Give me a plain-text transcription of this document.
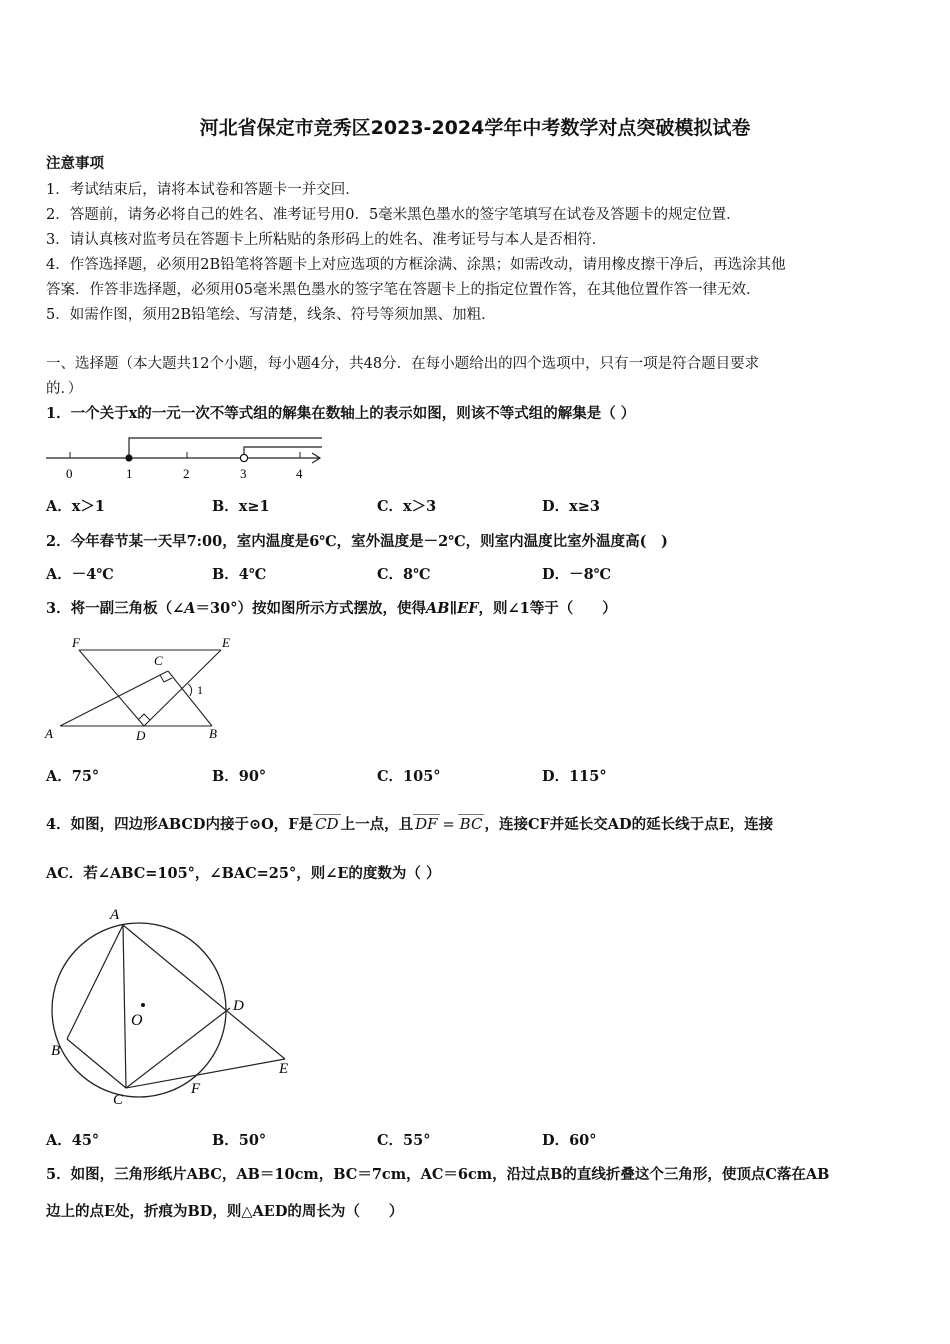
河北省保定市竞秀区2023-2024学年中考数学对点突破模拟试卷
注意事项
1．考试结束后，请将本试卷和答题卡一并交回．
2．答题前，请务必将自己的姓名、准考证号用0．5毫米黑色墨水的签字笔填写在试卷及答题卡的规定位置．
3．请认真核对监考员在答题卡上所粘贴的条形码上的姓名、准考证号与本人是否相符．
4．作答选择题，必须用2B铅笔将答题卡上对应选项的方框涂满、涂黑；如需改动，请用橡皮擦干净后，再选涂其他
答案．作答非选择题，必须用05毫米黑色墨水的签字笔在答题卡上的指定位置作答，在其他位置作答一律无效．
5．如需作图，须用2B铅笔绘、写清楚，线条、符号等须加黑、加粗．
一、选择题（本大题共12个小题，每小题4分，共48分．在每小题给出的四个选项中，只有一项是符合题目要求
的．）
1．一个关于x的一元一次不等式组的解集在数轴上的表示如图，则该不等式组的解集是（ ）
0	1	2	3	4
A．x＞1	B．x≥1	C．x＞3	D．x≥3
2．今年春节某一天早7:00，室内温度是6℃，室外温度是－2℃，则室内温度比室外温度高(　)
A．－4℃	B．4℃	C．8℃	D．－8℃
3．将一副三角板（∠A＝30°）按如图所示方式摆放，使得AB∥EF，则∠1等于（　　）
F	E
C
1
A	D	B
A．75°	B．90°	C．105°	D．115°
4．如图，四边形ABCD内接于⊙O，F是 CD 上一点，且 DF = BC ，连接CF并延长交AD的延长线于点E，连接
AC．若∠ABC=105°，∠BAC=25°，则∠E的度数为（ ）
A
O
D
B
E
F
C
A．45°	B．50°	C．55°	D．60°
5．如图，三角形纸片ABC，AB＝10cm，BC＝7cm，AC＝6cm，沿过点B的直线折叠这个三角形，使顶点C落在AB
边上的点E处，折痕为BD，则△AED的周长为（　　）
